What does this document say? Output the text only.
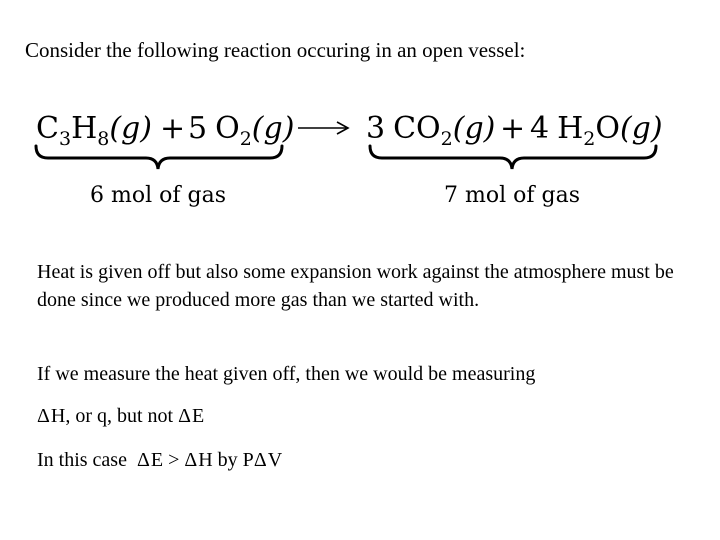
Consider the following reaction occuring in an open vessel:
$C_3H_8(g) + 5$ $O_2(g)$ 3 $CO_2(g) + 4$ $H_2O(g)$
6 mol of gas	7 mol of gas
Heat is given off but also some expansion work against the atmosphere must be done since we produced more gas than we started with.
If we measure the heat given off, then we would be measuring
ΔH, or q, but not ΔE
In this case  ΔE > ΔH by PΔV
